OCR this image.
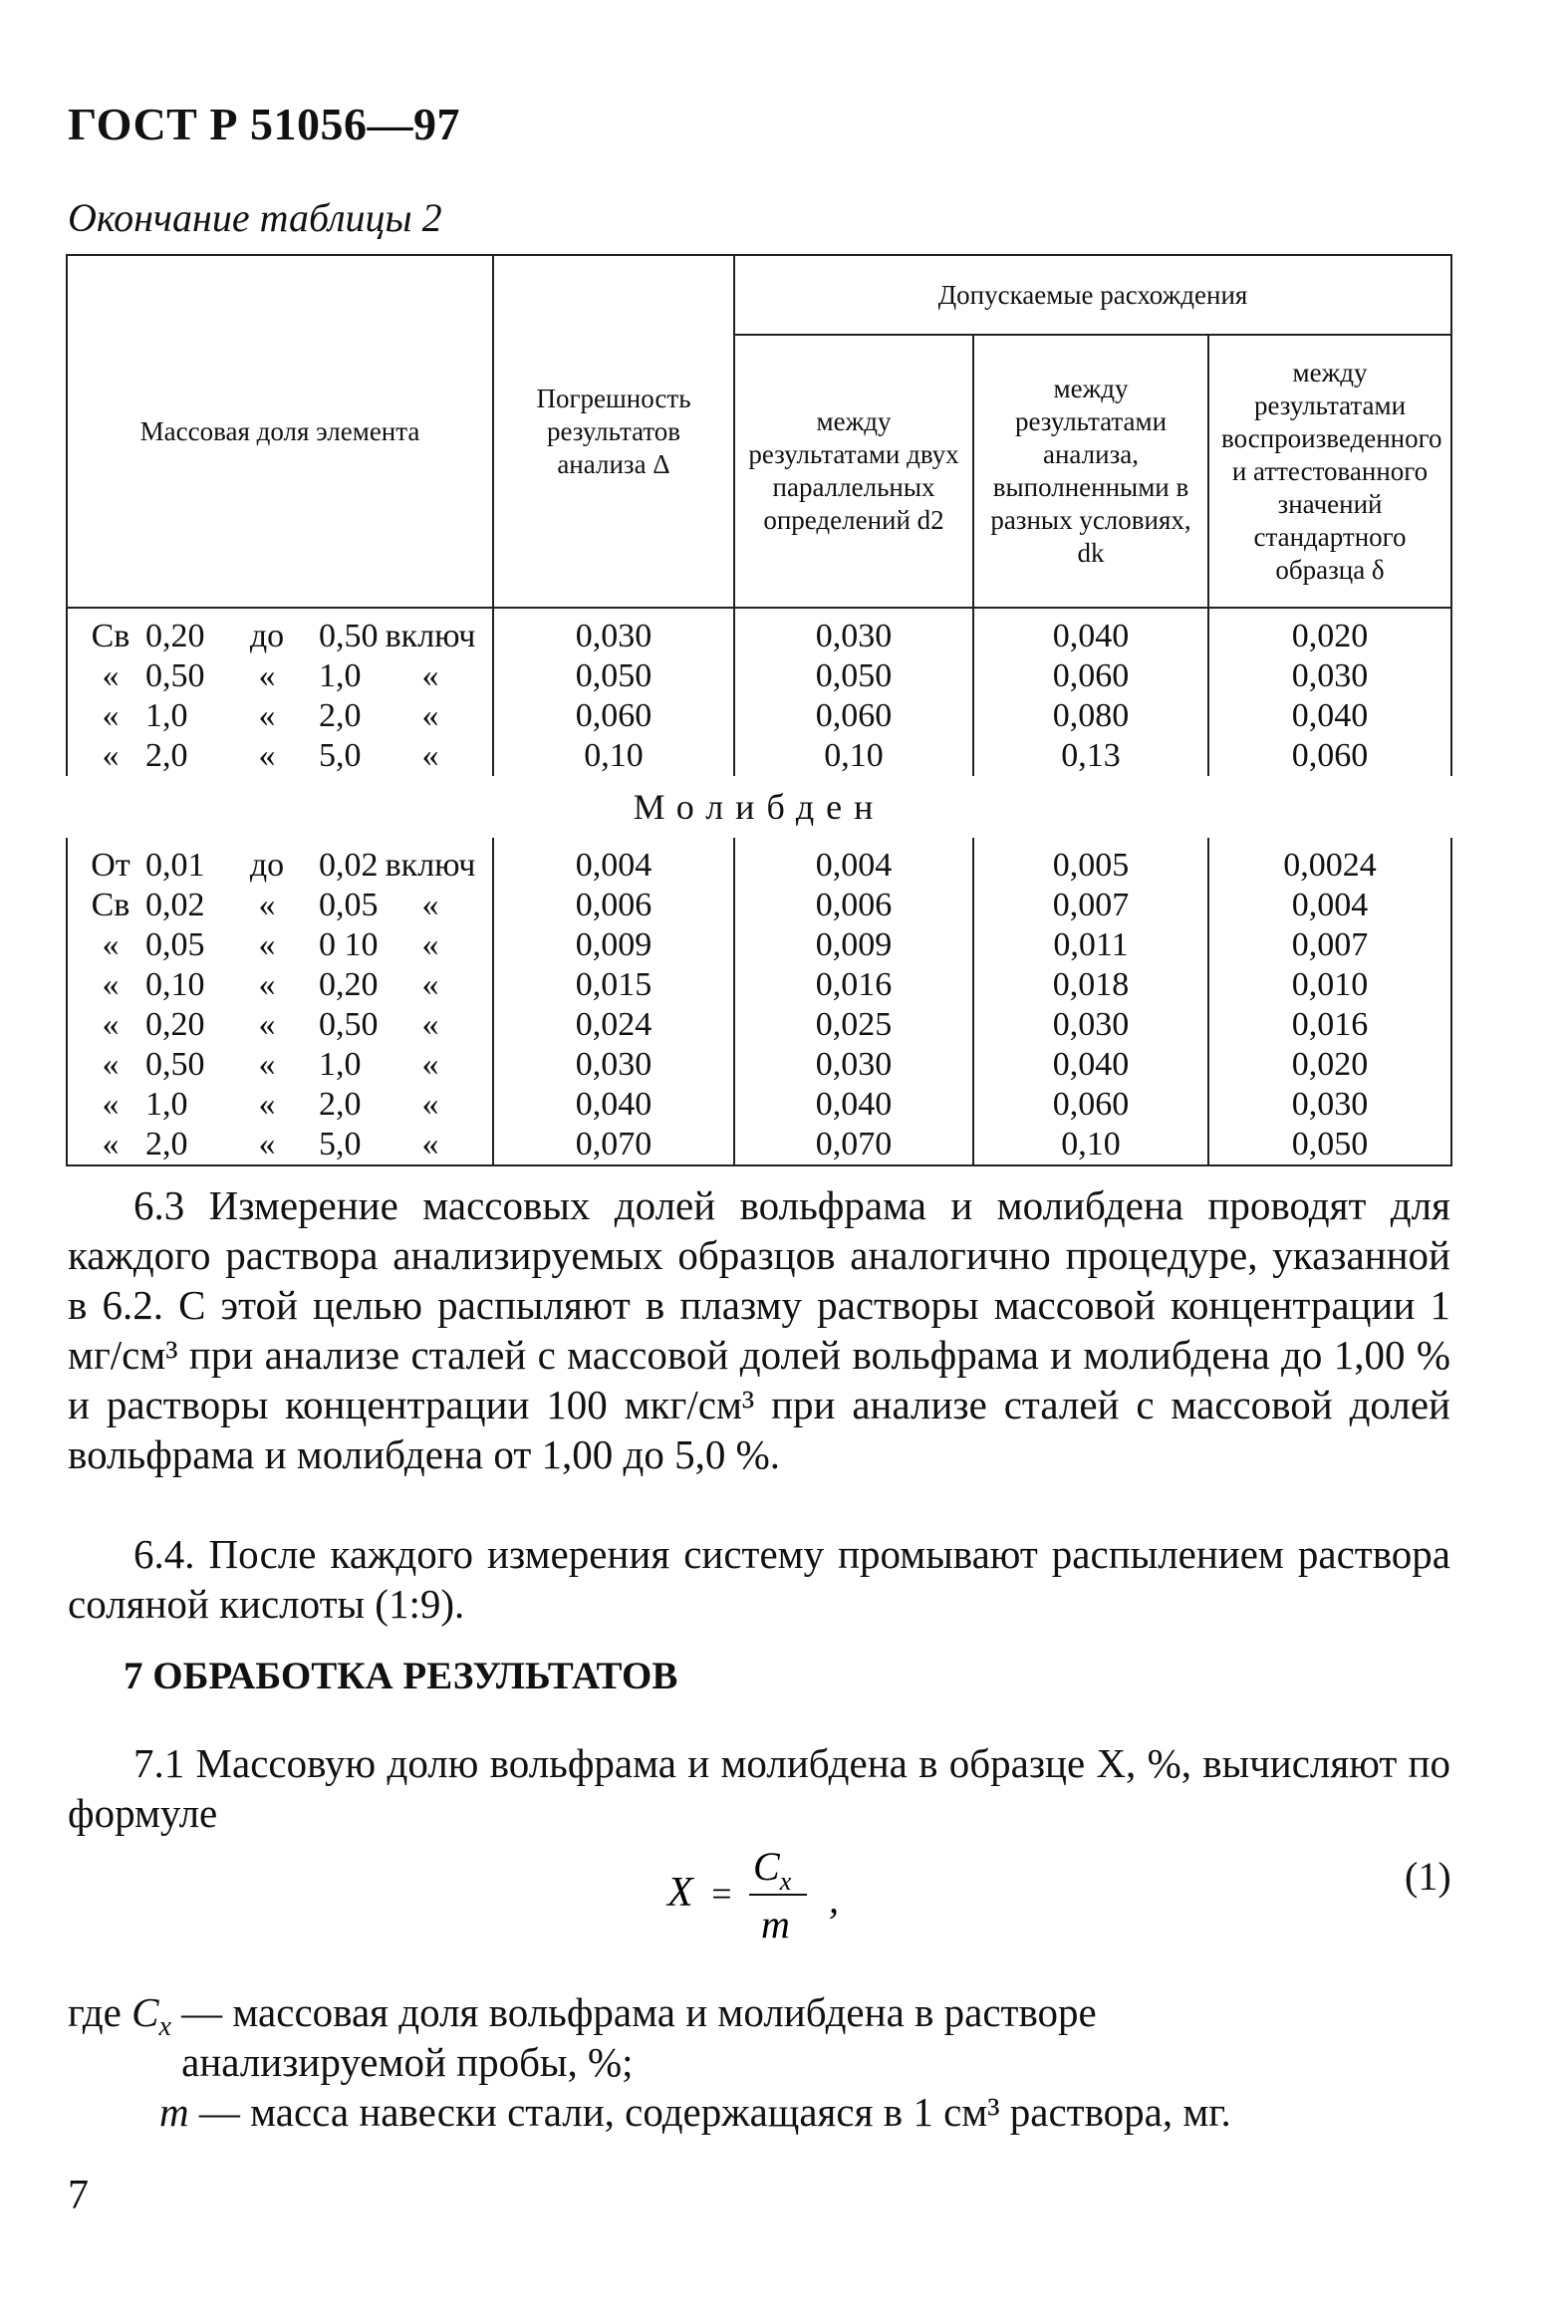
ГОСТ Р 51056—97
Окончание таблицы 2
Массовая доля элемента	Погрешность результатов анализа Δ	Допускаемые расхождения		
		между результатами двух параллельных определений d2	между результатами анализа, выполненными в разных условиях, dk	между результатами воспроизведенного и аттестованного значений стандартного образца δ

Св 0,20 до 0,50 включ	0,030	0,030	0,040	0,020

« 0,50 « 1,0 «	0,050	0,050	0,060	0,030

« 1,0 « 2,0 «	0,060	0,060	0,080	0,040

« 2,0 « 5,0 «	0,10	0,10	0,13	0,060
Молибден				

От 0,01 до 0,02 включ	0,004	0,004	0,005	0,0024

Св 0,02 « 0,05 «	0,006	0,006	0,007	0,004

« 0,05 « 0 10 «	0,009	0,009	0,011	0,007

« 0,10 « 0,20 «	0,015	0,016	0,018	0,010

« 0,20 « 0,50 «	0,024	0,025	0,030	0,016

« 0,50 « 1,0 «	0,030	0,030	0,040	0,020

« 1,0 « 2,0 «	0,040	0,040	0,060	0,030

« 2,0 « 5,0 «	0,070	0,070	0,10	0,050

6.3 Измерение массовых долей вольфрама и молибдена проводят для каждого раствора анализируемых образцов аналогично процедуре, указанной в 6.2. С этой целью распыляют в плазму растворы массовой концентрации 1 мг/см³ при анализе сталей с массовой долей вольфрама и молибдена до 1,00 % и растворы концентрации 100 мкг/см³ при анализе сталей с массовой долей вольфрама и молибдена от 1,00 до 5,0 %.

6.4. После каждого измерения систему промывают распылением раствора соляной кислоты (1:9).

7 ОБРАБОТКА РЕЗУЛЬТАТОВ

7.1 Массовую долю вольфрама и молибдена в образце X, %, вычисляют по формуле

X =
$C_x$
m
,
(1)
где $C_x$ — массовая доля вольфрама и молибдена в растворе анализируемой пробы, %;
m — масса навески стали, содержащаяся в 1 см³ раствора, мг.
7
